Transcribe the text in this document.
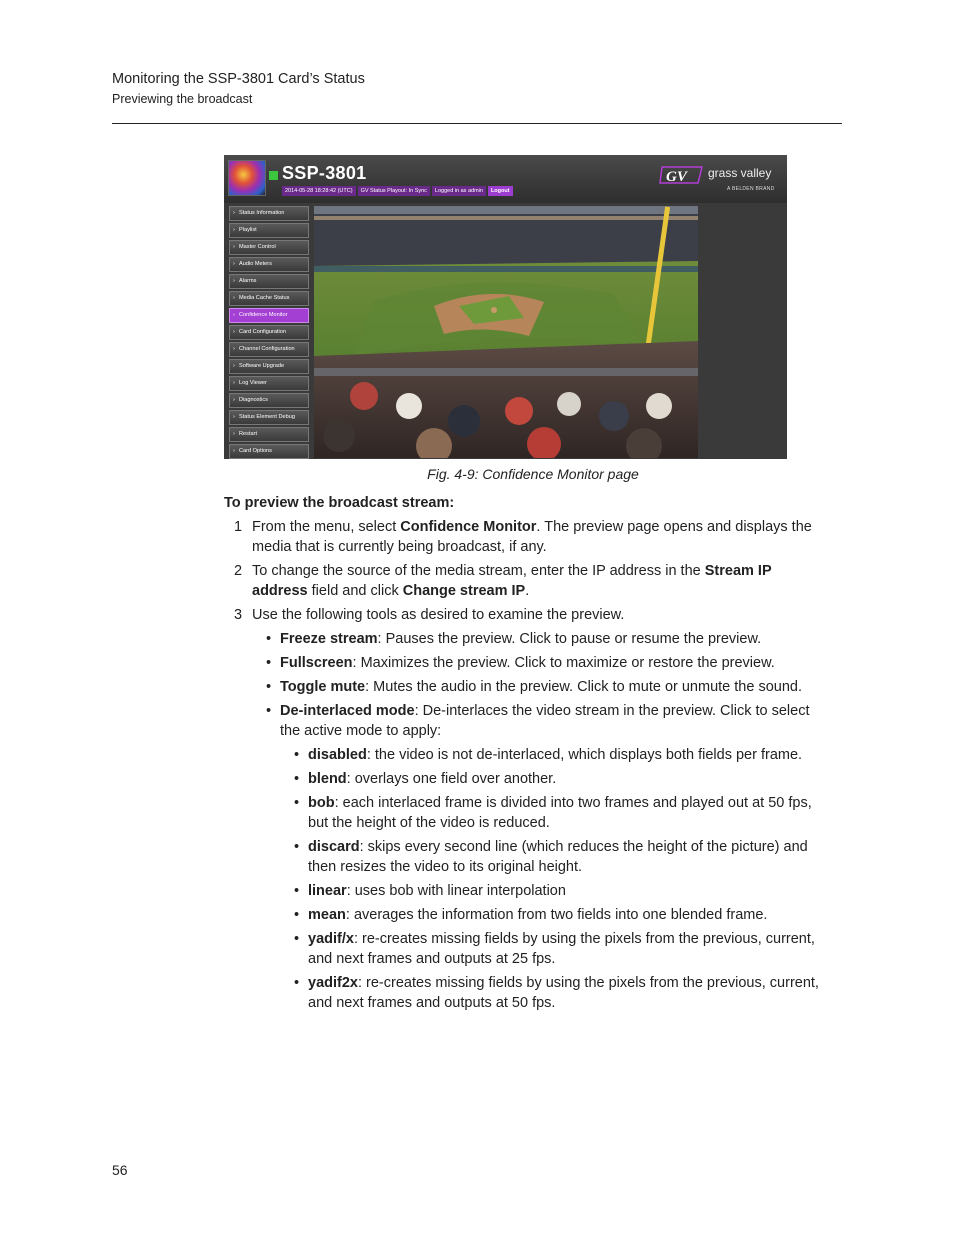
Monitoring the SSP-3801 Card’s Status
Previewing the broadcast
SSP-3801
2014-05-28 18:28:42 (UTC)	GV Status Playout: In Sync	Logged in as admin	Logout
GV grass valley
A BELDEN BRAND
› Status Information
› Playlist
› Master Control
› Audio Meters
› Alarms
› Media Cache Status
› Confidence Monitor
› Card Configuration
› Channel Configuration
› Software Upgrade
› Log Viewer
› Diagnostics
› Status Element Debug
› Restart
› Card Options
Fig. 4-9: Confidence Monitor page
To preview the broadcast stream:
1 From the menu, select Confidence Monitor. The preview page opens and displays the
media that is currently being broadcast, if any.
2 To change the source of the media stream, enter the IP address in the Stream IP
address field and click Change stream IP.
3 Use the following tools as desired to examine the preview.
• Freeze stream: Pauses the preview. Click to pause or resume the preview.
• Fullscreen: Maximizes the preview. Click to maximize or restore the preview.
• Toggle mute: Mutes the audio in the preview. Click to mute or unmute the sound.
• De-interlaced mode: De-interlaces the video stream in the preview. Click to select
the active mode to apply:
• disabled: the video is not de-interlaced, which displays both fields per frame.
• blend: overlays one field over another.
• bob: each interlaced frame is divided into two frames and played out at 50 fps,
but the height of the video is reduced.
• discard: skips every second line (which reduces the height of the picture) and
then resizes the video to its original height.
• linear: uses bob with linear interpolation
• mean: averages the information from two fields into one blended frame.
• yadif/x: re-creates missing fields by using the pixels from the previous, current,
and next frames and outputs at 25 fps.
• yadif2x: re-creates missing fields by using the pixels from the previous, current,
and next frames and outputs at 50 fps.
56
